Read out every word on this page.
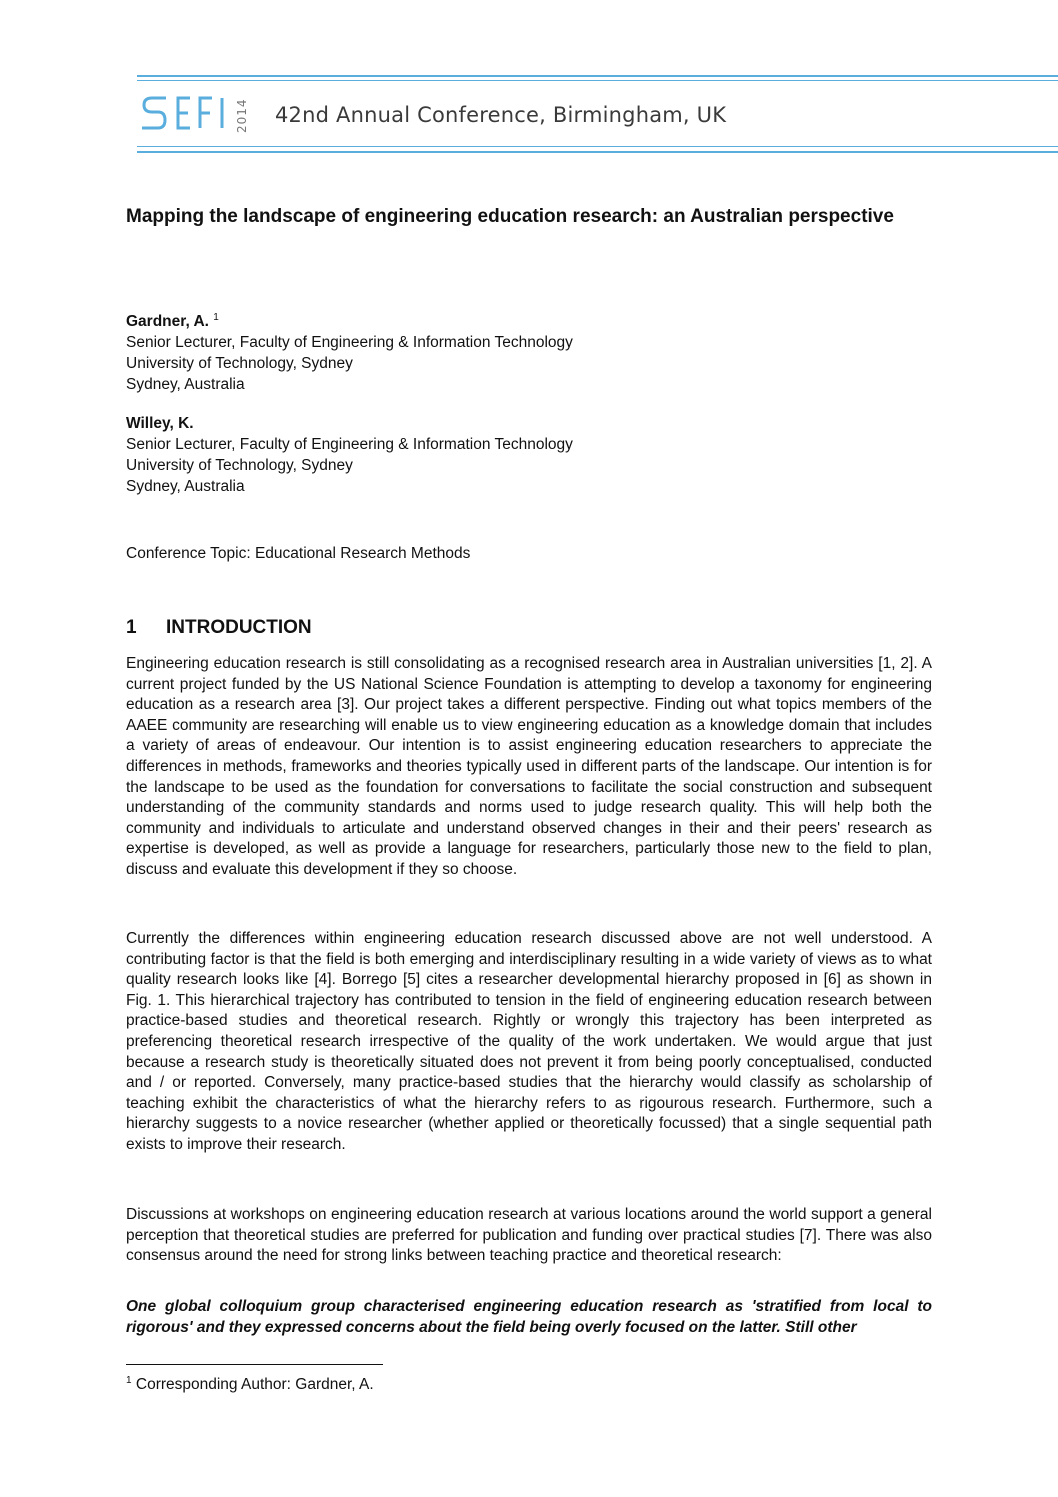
2014 42nd Annual Conference, Birmingham, UK
Mapping the landscape of engineering education research: an Australian perspective
Gardner, A. $^1$
Senior Lecturer, Faculty of Engineering & Information Technology
University of Technology, Sydney
Sydney, Australia
Willey, K.
Senior Lecturer, Faculty of Engineering & Information Technology
University of Technology, Sydney
Sydney, Australia
Conference Topic: Educational Research Methods
1 INTRODUCTION

Engineering education research is still consolidating as a recognised research area in Australian universities [1, 2]. A current project funded by the US National Science Foundation is attempting to develop a taxonomy for engineering education as a research area [3]. Our project takes a different perspective. Finding out what topics members of the AAEE community are researching will enable us to view engineering education as a knowledge domain that includes a variety of areas of endeavour. Our intention is to assist engineering education researchers to appreciate the differences in methods, frameworks and theories typically used in different parts of the landscape. Our intention is for the landscape to be used as the foundation for conversations to facilitate the social construction and subsequent understanding of the community standards and norms used to judge research quality. This will help both the community and individuals to articulate and understand observed changes in their and their peers' research as expertise is developed, as well as provide a language for researchers, particularly those new to the field to plan, discuss and evaluate this development if they so choose.

Currently the differences within engineering education research discussed above are not well understood. A contributing factor is that the field is both emerging and interdisciplinary resulting in a wide variety of views as to what quality research looks like [4]. Borrego [5] cites a researcher developmental hierarchy proposed in [6] as shown in Fig. 1. This hierarchical trajectory has contributed to tension in the field of engineering education research between practice-based studies and theoretical research. Rightly or wrongly this trajectory has been interpreted as preferencing theoretical research irrespective of the quality of the work undertaken. We would argue that just because a research study is theoretically situated does not prevent it from being poorly conceptualised, conducted and / or reported. Conversely, many practice-based studies that the hierarchy would classify as scholarship of teaching exhibit the characteristics of what the hierarchy refers to as rigourous research. Furthermore, such a hierarchy suggests to a novice researcher (whether applied or theoretically focussed) that a single sequential path exists to improve their research.

Discussions at workshops on engineering education research at various locations around the world support a general perception that theoretical studies are preferred for publication and funding over practical studies [7]. There was also consensus around the need for strong links between teaching practice and theoretical research:

One global colloquium group characterised engineering education research as 'stratified from local to rigorous' and they expressed concerns about the field being overly focused on the latter. Still other

$^1$ Corresponding Author: Gardner, A.
